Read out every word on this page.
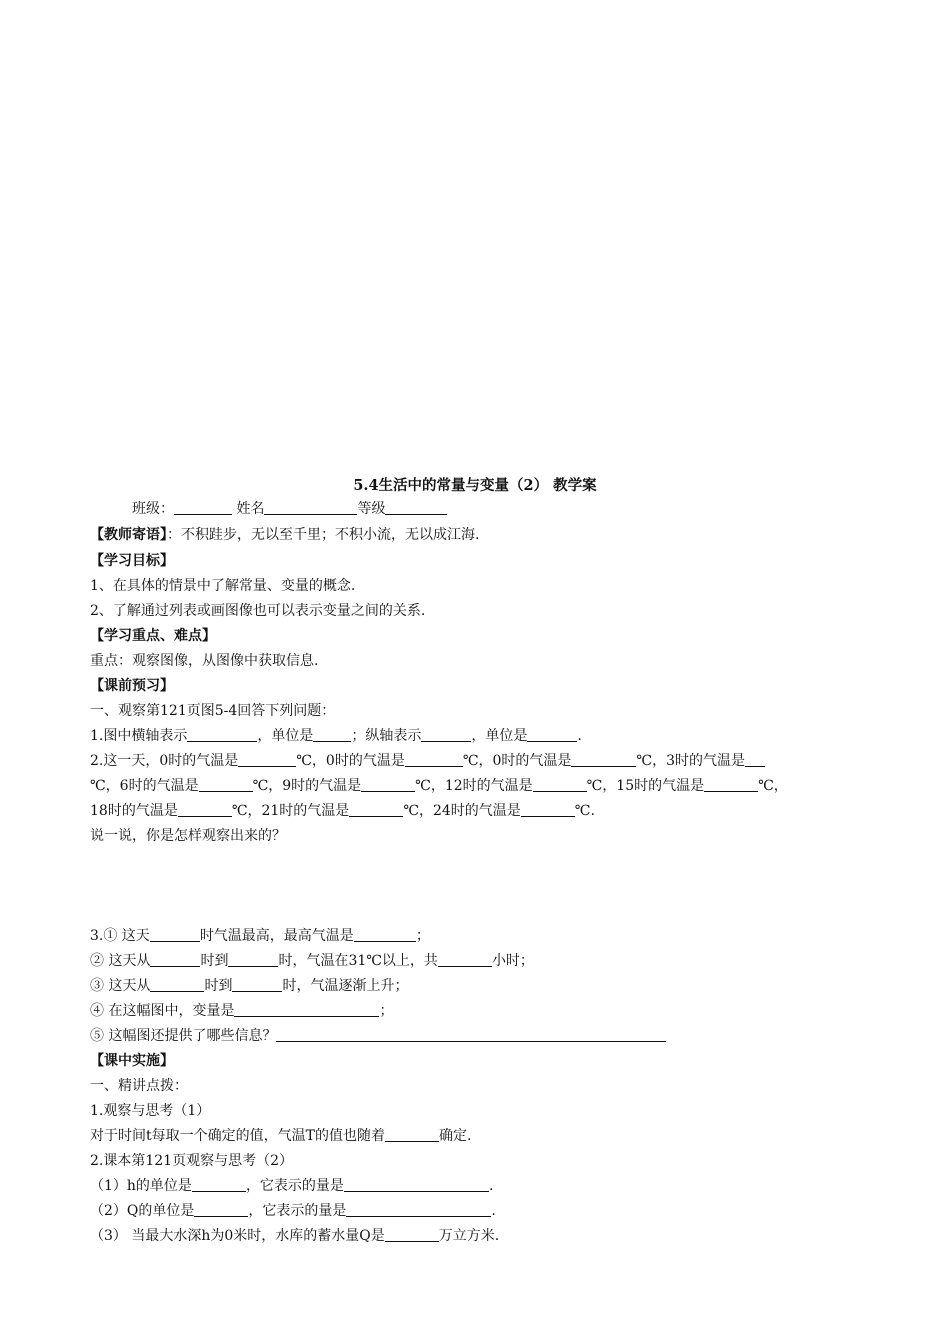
5.4生活中的常量与变量（2） 教学案
班级：	姓名	等级
【教师寄语】：不积跬步，无以至千里；不积小流，无以成江海.
【学习目标】
1、在具体的情景中了解常量、变量的概念.
2、了解通过列表或画图像也可以表示变量之间的关系.
【学习重点、难点】
重点：观察图像，从图像中获取信息.
【课前预习】
一、观察第121页图5-4回答下列问题：
1.图中横轴表示	，单位是	；纵轴表示	，单位是	.
2.这一天，0时的气温是	℃，0时的气温是	℃，0时的气温是	℃，3时的气温是
℃，6时的气温是	℃，9时的气温是	℃，12时的气温是	℃，15时的气温是	℃，
18时的气温是	℃，21时的气温是	℃，24时的气温是	℃.
说一说，你是怎样观察出来的？
3.① 这天	时气温最高，最高气温是	；
② 这天从	时到	时，气温在31℃以上，共	小时；
③ 这天从	时到	时，气温逐渐上升；
④ 在这幅图中，变量是	；
⑤ 这幅图还提供了哪些信息？
【课中实施】
一、精讲点拨：
1.观察与思考（1）
对于时间t每取一个确定的值，气温T的值也随着	确定.
2.课本第121页观察与思考（2）
（1）h的单位是	，它表示的量是	.
（2）Q的单位是	，它表示的量是	.
（3） 当最大水深h为0米时，水库的蓄水量Q是	万立方米.
